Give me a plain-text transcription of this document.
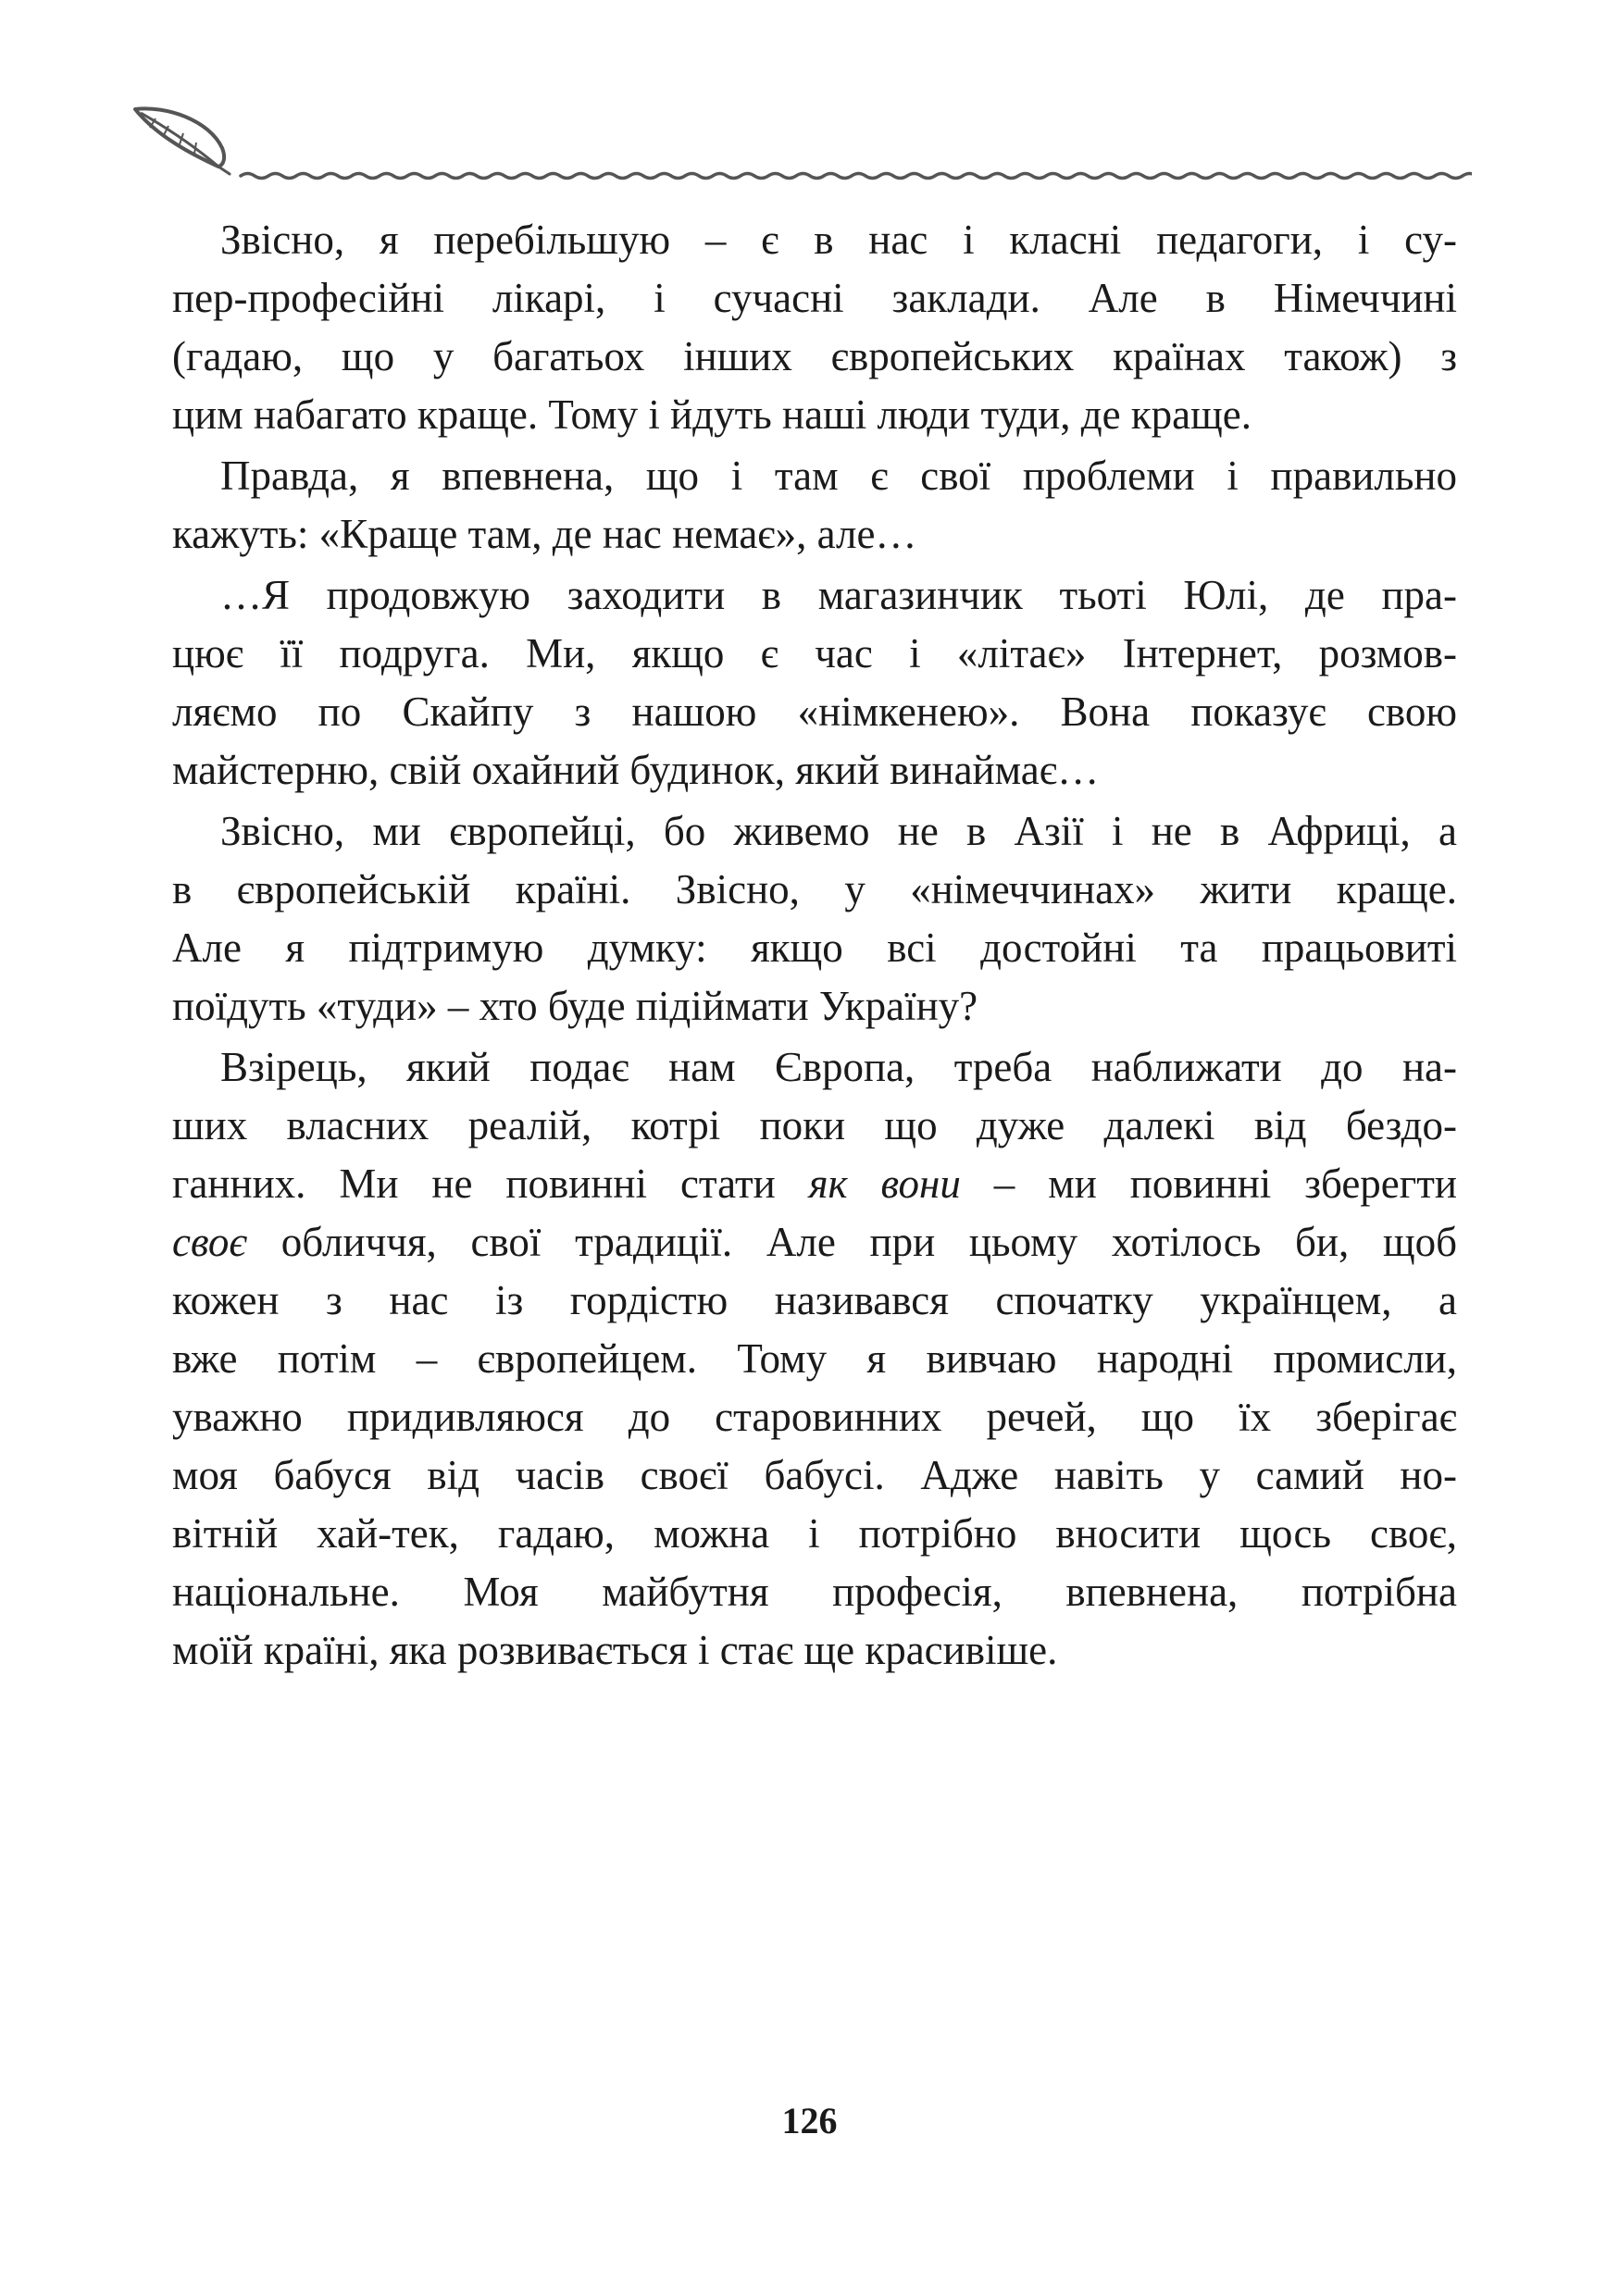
Звісно, я перебільшую – є в нас і класні педагоги, і су-
пер-професійні лікарі, і сучасні заклади. Але в Німеччині
(гадаю, що у багатьох інших європейських країнах також) з
цим набагато краще. Тому і йдуть наші люди туди, де краще.
Правда, я впевнена, що і там є свої проблеми і правильно
кажуть: «Краще там, де нас немає», але…
…Я продовжую заходити в магазинчик тьоті Юлі, де пра-
цює її подруга. Ми, якщо є час і «літає» Інтернет, розмов-
ляємо по Скайпу з нашою «німкенею». Вона показує свою
майстерню, свій охайний будинок, який винаймає…
Звісно, ми європейці, бо живемо не в Азії і не в Африці, а
в європейській країні. Звісно, у «німеччинах» жити краще.
Але я підтримую думку: якщо всі достойні та працьовиті
поїдуть «туди» – хто буде підіймати Україну?
Взірець, який подає нам Європа, треба наближати до на-
ших власних реалій, котрі поки що дуже далекі від бездо-
ганних. Ми не повинні стати як вони – ми повинні зберегти
своє обличчя, свої традиції. Але при цьому хотілось би, щоб
кожен з нас із гордістю називався спочатку українцем, а
вже потім – європейцем. Тому я вивчаю народні промисли,
уважно придивляюся до старовинних речей, що їх зберігає
моя бабуся від часів своєї бабусі. Адже навіть у самий но-
вітній хай-тек, гадаю, можна і потрібно вносити щось своє,
національне. Моя майбутня професія, впевнена, потрібна
моїй країні, яка розвивається і стає ще красивіше.
126
